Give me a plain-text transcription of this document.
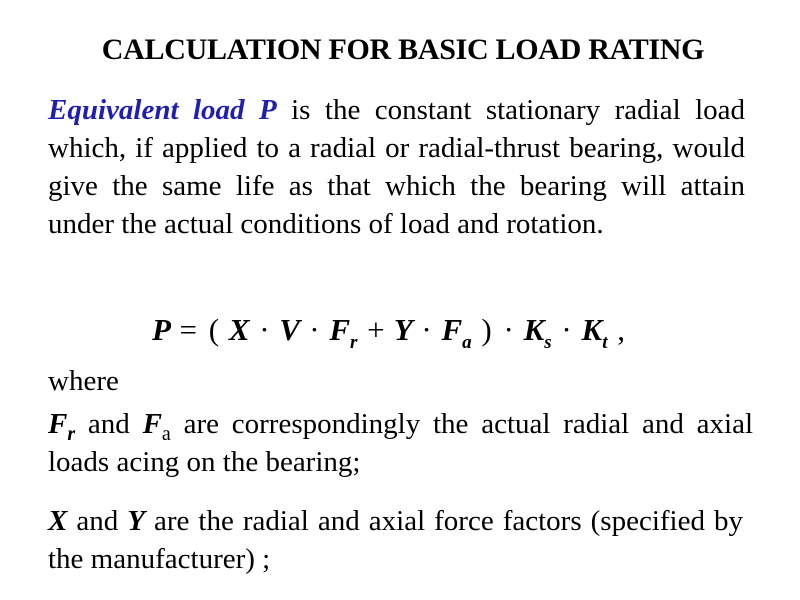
CALCULATION FOR BASIC LOAD RATING
Equivalent load P is the constant stationary radial load which, if applied to a radial or radial-thrust bearing, would give the same life as that which the bearing will attain under the actual conditions of load and rotation.
P = ( $X \cdot V \cdot F_r + Y \cdot F_a$ ) · $K_s \cdot K_t$ ,
where
$F_r$ and $F_a$ are correspondingly the actual radial and axial loads acing on the bearing;
X and Y are the radial and axial force factors (specified by the manufacturer) ;
